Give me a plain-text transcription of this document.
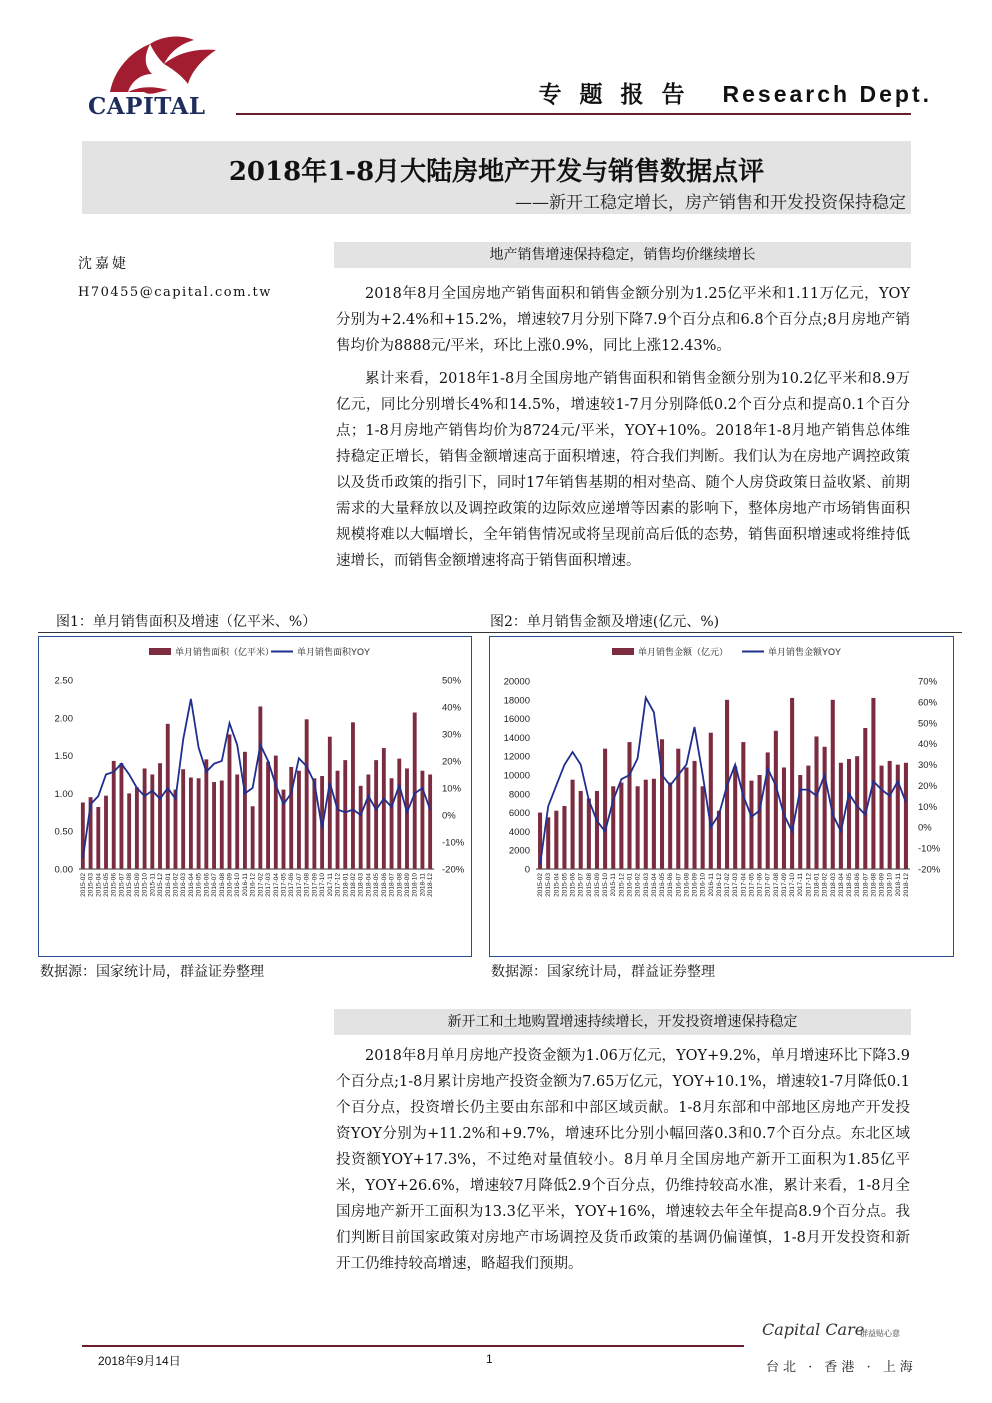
CAPITAL	专题报告 Research Dept.
2018年1-8月大陆房地产开发与销售数据点评
——新开工稳定增长，房产销售和开发投资保持稳定
沈嘉婕
H70455@capital.com.tw
地产销售增速保持稳定，销售均价继续增长

2018年8月全国房地产销售面积和销售金额分别为1.25亿平米和1.11万亿元，YOY分别为+2.4%和+15.2%，增速较7月分别下降7.9个百分点和6.8个百分点;8月房地产销售均价为8888元/平米，环比上涨0.9%，同比上涨12.43%。

累计来看，2018年1-8月全国房地产销售面积和销售金额分别为10.2亿平米和8.9万亿元，同比分别增长4%和14.5%，增速较1-7月分别降低0.2个百分点和提高0.1个百分点；1-8月房地产销售均价为8724元/平米，YOY+10%。2018年1-8月地产销售总体维持稳定正增长，销售金额增速高于面积增速，符合我们判断。我们认为在房地产调控政策以及货币政策的指引下，同时17年销售基期的相对垫高、随个人房贷政策日益收紧、前期需求的大量释放以及调控政策的边际效应递增等因素的影响下，整体房地产市场销售面积规模将难以大幅增长，全年销售情况或将呈现前高后低的态势，销售面积增速或将维持低速增长，而销售金额增速将高于销售面积增速。

图1：单月销售面积及增速（亿平米、%）	图2：单月销售金额及增速(亿元、%)
单月销售面积（亿平米）	单月销售面积YOY
0.00
0.50
1.00
1.50
2.00
2.50
-20%
-10%
0%
10%
20%
30%
40%
50%
2015-02 2015-03 2015-04 2015-05 2015-06 2015-07 2015-08 2015-09 2015-10 2015-11 2015-12 2016-01 2016-02 2016-03 2016-04 2016-05 2016-06 2016-07 2016-08 2016-09 2016-10 2016-11 2016-12 2017-02 2017-03 2017-04 2017-05 2017-06 2017-07 2017-08 2017-09 2017-10 2017-11 2017-12 2018-01 2018-02 2018-03 2018-04 2018-05 2018-06 2018-07 2018-08 2018-09 2018-10 2018-11 2018-12
单月销售金额（亿元）	单月销售金额YOY
0
2000
4000
6000
8000
10000
12000
14000
16000
18000
20000
-20%
-10%
0%
10%
20%
30%
40%
50%
60%
70%
2015-02 2015-03 2015-04 2015-05 2015-06 2015-07 2015-08 2015-09 2015-10 2015-11 2015-12 2016-01 2016-02 2016-03 2016-04 2016-05 2016-06 2016-07 2016-08 2016-09 2016-10 2016-11 2016-12 2017-02 2017-03 2017-04 2017-05 2017-06 2017-07 2017-08 2017-09 2017-10 2017-11 2017-12 2018-01 2018-02 2018-03 2018-04 2018-05 2018-06 2018-07 2018-08 2018-09 2018-10 2018-11 2018-12
数据源：国家统计局，群益证券整理	数据源：国家统计局，群益证券整理
新开工和土地购置增速持续增长，开发投资增速保持稳定

2018年8月单月房地产投资金额为1.06万亿元，YOY+9.2%，单月增速环比下降3.9个百分点;1-8月累计房地产投资金额为7.65万亿元，YOY+10.1%，增速较1-7月降低0.1个百分点，投资增长仍主要由东部和中部区域贡献。1-8月东部和中部地区房地产开发投资YOY分别为+11.2%和+9.7%，增速环比分别小幅回落0.3和0.7个百分点。东北区域投资额YOY+17.3%，不过绝对量值较小。8月单月全国房地产新开工面积为1.85亿平米，YOY+26.6%，增速较7月降低2.9个百分点，仍维持较高水准，累计来看，1-8月全国房地产新开工面积为13.3亿平米，YOY+16%，增速较去年全年提高8.9个百分点。我们判断目前国家政策对房地产市场调控及货币政策的基调仍偏谨慎，1-8月开发投资和新开工仍维持较高增速，略超我们预期。

Capital Care
群益贴心意
2018年9月14日	1
台北 · 香港 · 上海
